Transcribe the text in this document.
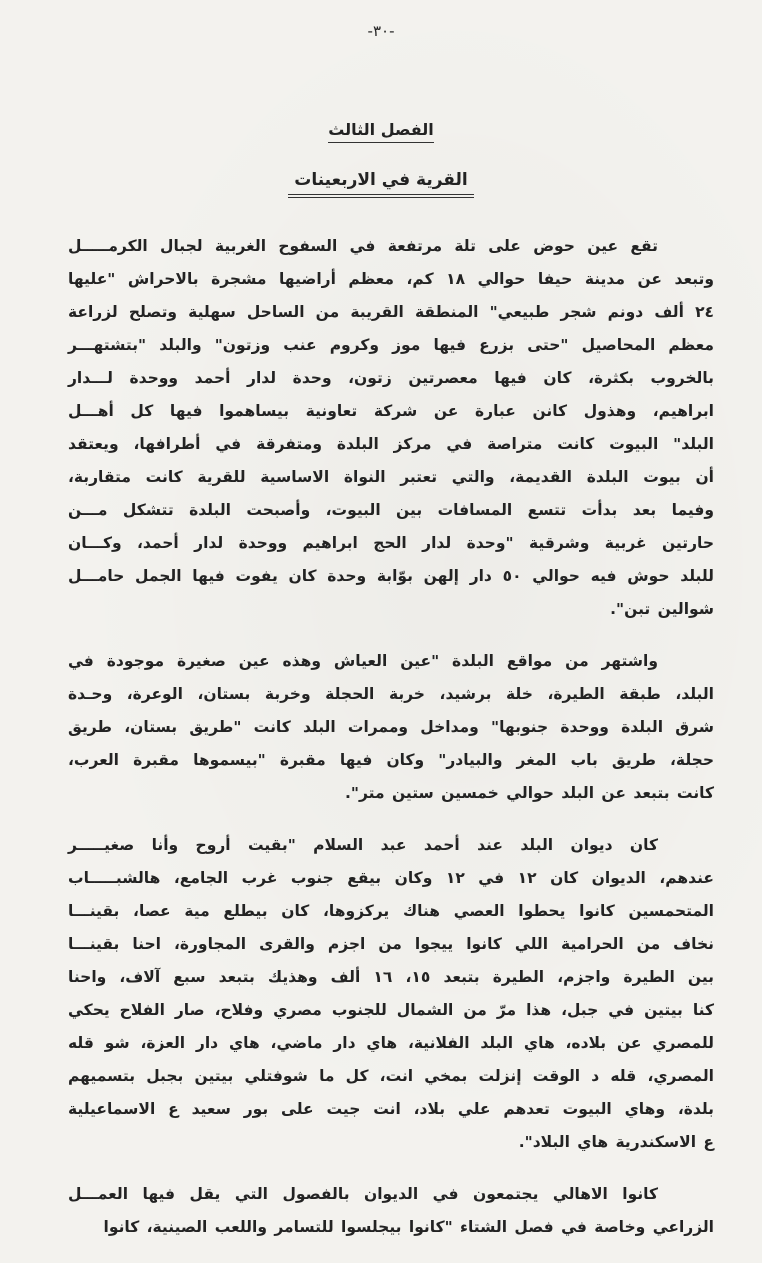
-٣٠-
الفصل الثالث
القرية في الاربعينات
تقع عين حوض على تلة مرتفعة في السفوح الغربية لجبال الكرمـــــل
وتبعد عن مدينة حيفا حوالي ١٨ كم، معظم أراضيها مشجرة بالاحراش "عليها
٢٤ ألف دونم شجر طبيعي" المنطقة القريبة من الساحل سهلية وتصلح لزراعة
معظم المحاصيل "حتى بزرع فيها موز وكروم عنب وزتون" والبلد "بتشتهـــر
بالخروب بكثرة، كان فيها معصرتين زتون، وحدة لدار أحمد ووحدة لـــدار
ابراهيم، وهذول كانن عبارة عن شركة تعاونية بيساهموا فيها كل أهـــل
البلد" البيوت كانت متراصة في مركز البلدة ومتفرقة في أطرافها، ويعتقد
أن بيوت البلدة القديمة، والتي تعتبر النواة الاساسية للقرية كانت متقاربة،
وفيما بعد بدأت تتسع المسافات بين البيوت، وأصبحت البلدة تتشكل مـــن
حارتين غربية وشرقية "وحدة لدار الحج ابراهيم ووحدة لدار أحمد، وكـــان
للبلد حوش فيه حوالي ٥٠ دار إلهن بوّابة وحدة كان يفوت فيها الجمل حامـــل
شوالين تبن".
واشتهر من مواقع البلدة "عين العياش وهذه عين صغيرة موجودة في
البلد، طبقة الطيرة، خلة برشيد، خربة الحجلة وخربة بستان، الوعرة، وحـدة
شرق البلدة ووحدة جنوبها" ومداخل وممرات البلد كانت "طريق بستان، طريق
حجلة، طريق باب المغر والبيادر" وكان فيها مقبرة "بيسموها مقبرة العرب،
كانت بتبعد عن البلد حوالي خمسين ستين متر".
كان ديوان البلد عند أحمد عبد السلام "بقيت أروح وأنا صغيـــــر
عندهم، الديوان كان ١٢ في ١٢ وكان بيقع جنوب غرب الجامع، هالشبـــــاب
المتحمسين كانوا يحطوا العصي هناك يركزوها، كان بيطلع مية عصا، بقينـــا
نخاف من الحرامية اللي كانوا ييجوا من اجزم والقرى المجاورة، احنا بقينـــا
بين الطيرة واجزم، الطيرة بتبعد ١٥، ١٦ ألف وهذيك بتبعد سبع آلاف، واحنا
كنا بيتين في جبل، هذا مرّ من الشمال للجنوب مصري وفلاح، صار الفلاح يحكي
للمصري عن بلاده، هاي البلد الفلانية، هاي دار ماضي، هاي دار العزة، شو قله
المصري، قله د الوقت إنزلت بمخي انت، كل ما شوفتلي بيتين بجبل بتسميهم
بلدة، وهاي البيوت تعدهم علي بلاد، انت جيت على بور سعيد ع الاسماعيلية
ع الاسكندرية هاي البلاد".
كانوا الاهالي يجتمعون في الديوان بالفصول التي يقل فيها العمـــل
الزراعي وخاصة في فصل الشتاء "كانوا بيجلسوا للتسامر واللعب الصينية، كانوا
